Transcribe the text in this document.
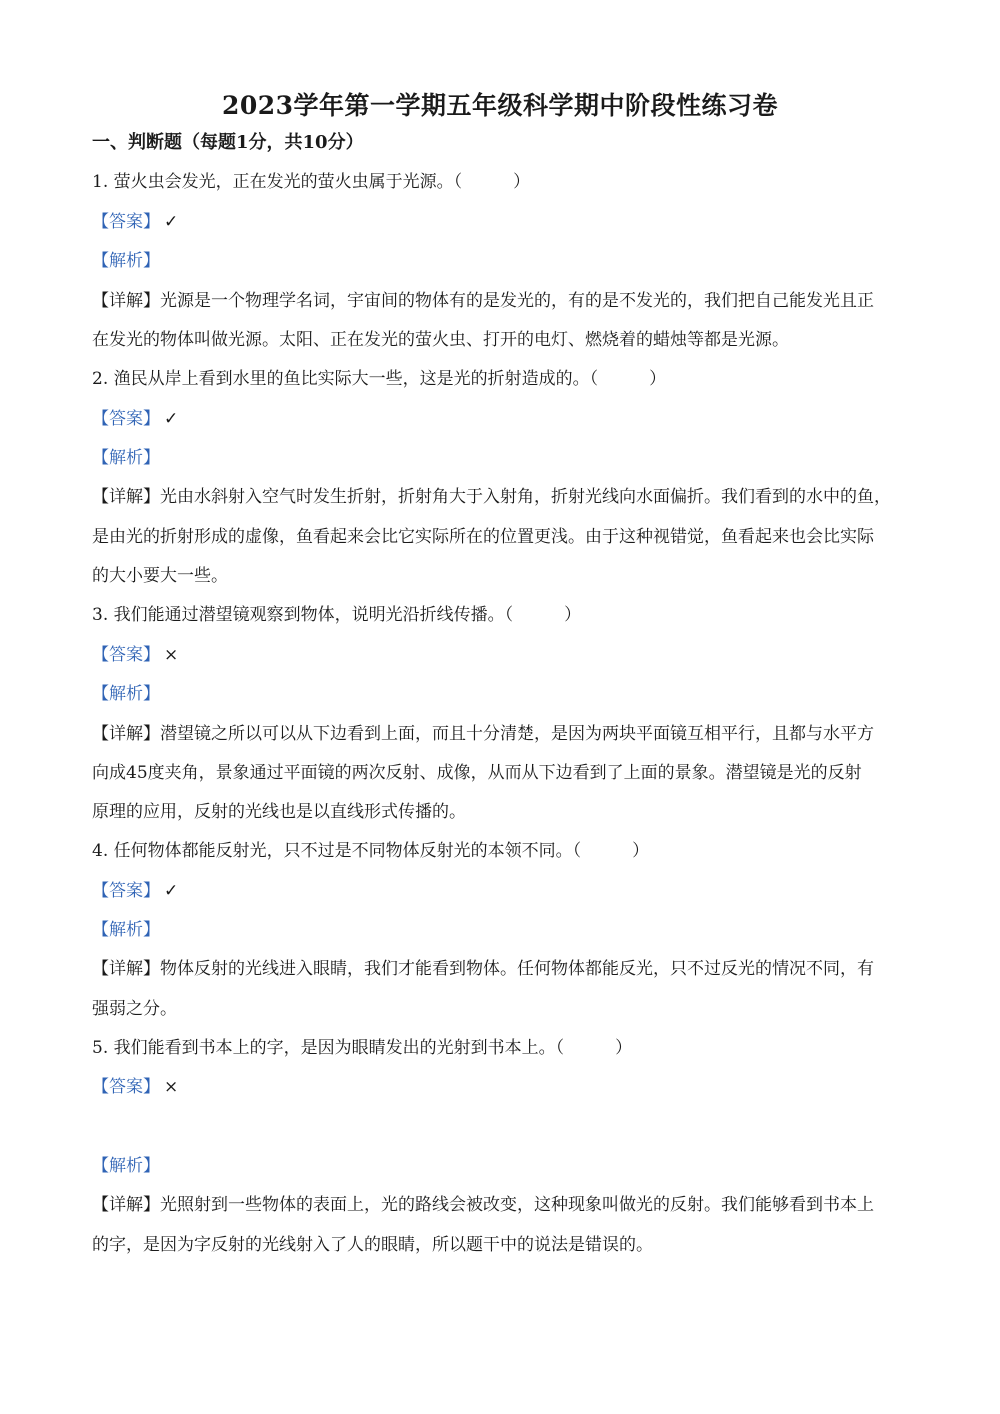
2023学年第一学期五年级科学期中阶段性练习卷
一、判断题（每题1分，共10分）
1. 萤火虫会发光，正在发光的萤火虫属于光源。（　　　）
【答案】 ✓
【解析】
【详解】光源是一个物理学名词，宇宙间的物体有的是发光的，有的是不发光的，我们把自己能发光且正
在发光的物体叫做光源。太阳、正在发光的萤火虫、打开的电灯、燃烧着的蜡烛等都是光源。
2. 渔民从岸上看到水里的鱼比实际大一些，这是光的折射造成的。（　　　）
【答案】 ✓
【解析】
【详解】光由水斜射入空气时发生折射，折射角大于入射角，折射光线向水面偏折。我们看到的水中的鱼，
是由光的折射形成的虚像，鱼看起来会比它实际所在的位置更浅。由于这种视错觉，鱼看起来也会比实际
的大小要大一些。
3. 我们能通过潜望镜观察到物体，说明光沿折线传播。（　　　）
【答案】 ×
【解析】
【详解】潜望镜之所以可以从下边看到上面，而且十分清楚，是因为两块平面镜互相平行，且都与水平方
向成45度夹角，景象通过平面镜的两次反射、成像，从而从下边看到了上面的景象。潜望镜是光的反射
原理的应用，反射的光线也是以直线形式传播的。
4. 任何物体都能反射光，只不过是不同物体反射光的本领不同。（　　　）
【答案】 ✓
【解析】
【详解】物体反射的光线进入眼睛，我们才能看到物体。任何物体都能反光，只不过反光的情况不同，有
强弱之分。
5. 我们能看到书本上的字，是因为眼睛发出的光射到书本上。（　　　）
【答案】 ×
【解析】
【详解】光照射到一些物体的表面上，光的路线会被改变，这种现象叫做光的反射。我们能够看到书本上
的字，是因为字反射的光线射入了人的眼睛，所以题干中的说法是错误的。
